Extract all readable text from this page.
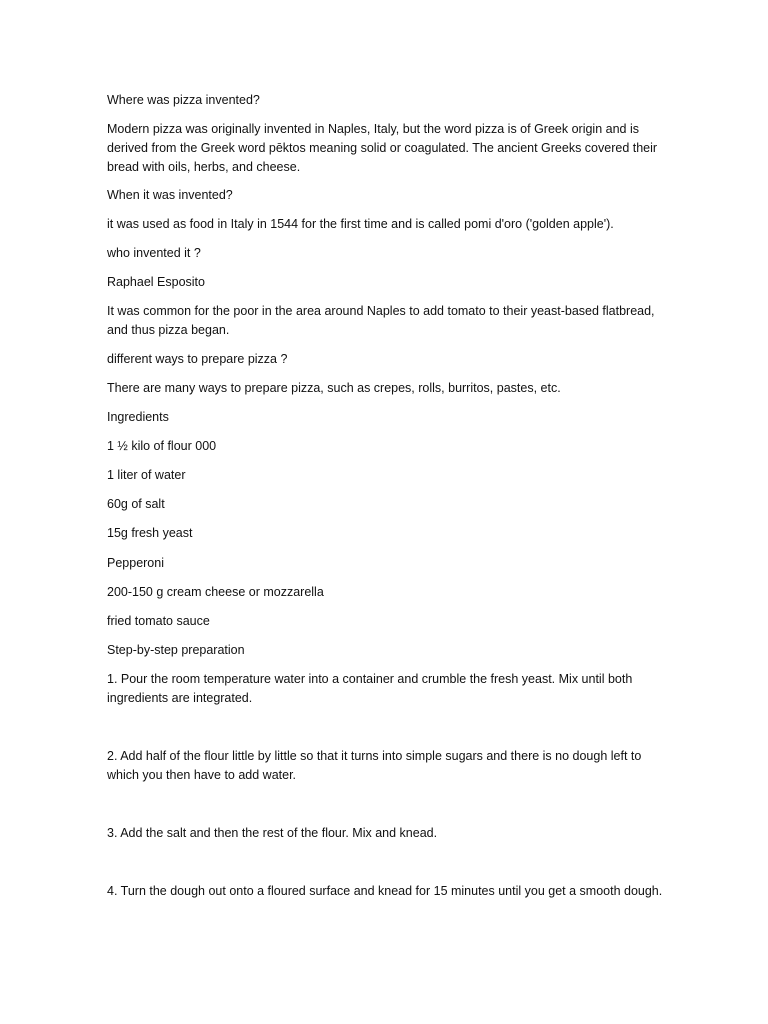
Where was pizza invented?

Modern pizza was originally invented in Naples, Italy, but the word pizza is of Greek origin and is derived from the Greek word pēktos meaning solid or coagulated. The ancient Greeks covered their bread with oils, herbs, and cheese.

When it was invented?

it was used as food in Italy in 1544 for the first time and is called pomi d'oro ('golden apple').

who invented it ?

Raphael Esposito

It was common for the poor in the area around Naples to add tomato to their yeast-based flatbread, and thus pizza began.

different ways to prepare pizza ?

There are many ways to prepare pizza, such as crepes, rolls, burritos, pastes, etc.

Ingredients

1 ½ kilo of flour 000

1 liter of water

60g of salt

15g fresh yeast

Pepperoni

200-150 g cream cheese or mozzarella

fried tomato sauce

Step-by-step preparation

1. Pour the room temperature water into a container and crumble the fresh yeast. Mix until both ingredients are integrated.

2. Add half of the flour little by little so that it turns into simple sugars and there is no dough left to which you then have to add water.

3. Add the salt and then the rest of the flour. Mix and knead.

4. Turn the dough out onto a floured surface and knead for 15 minutes until you get a smooth dough.
